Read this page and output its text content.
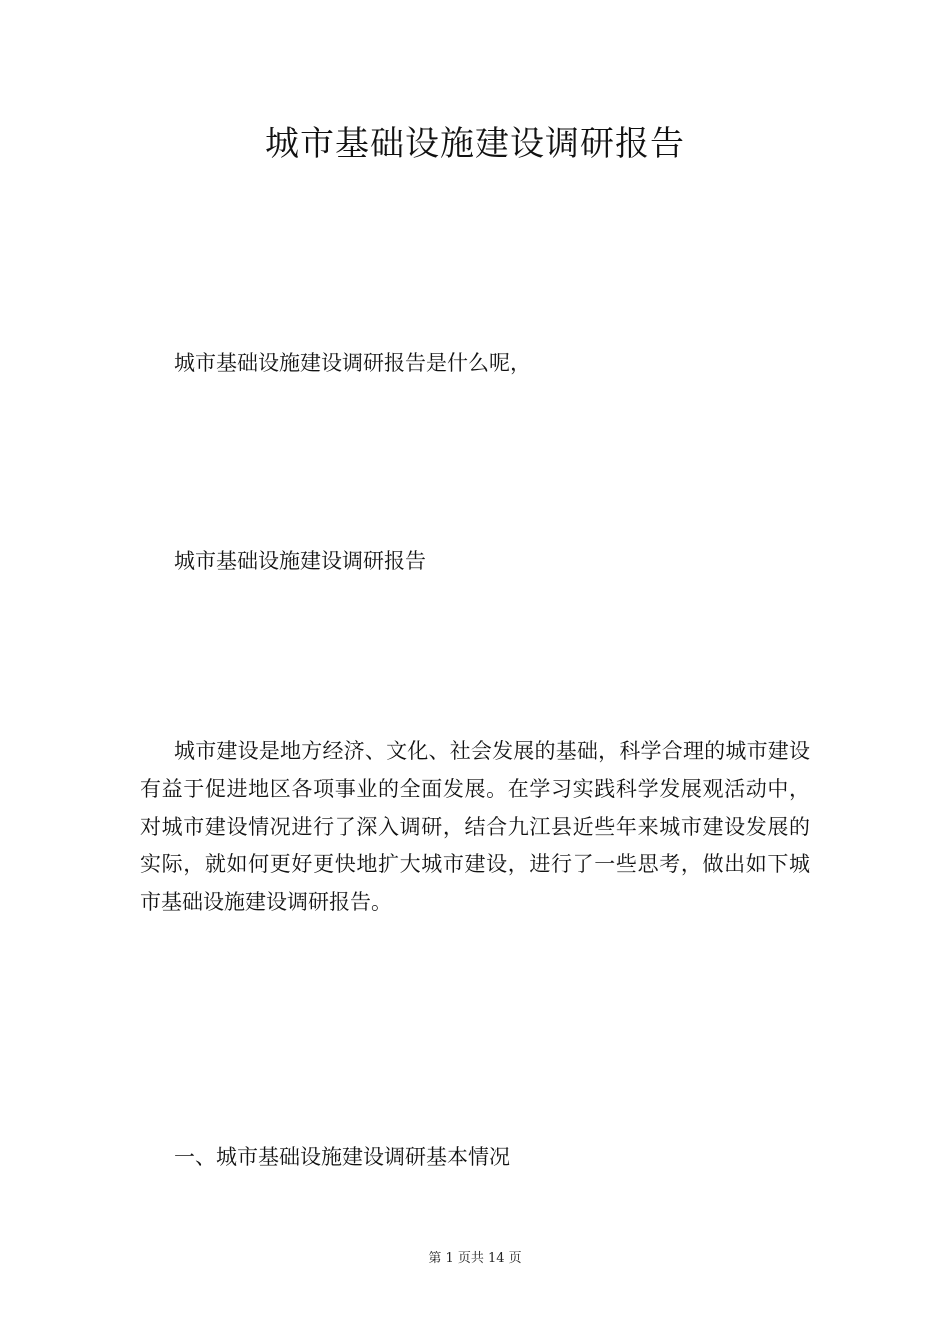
城市基础设施建设调研报告

城市基础设施建设调研报告是什么呢，

城市基础设施建设调研报告

城市建设是地方经济、文化、社会发展的基础，科学合理的城市建设有益于促进地区各项事业的全面发展。在学习实践科学发展观活动中，对城市建设情况进行了深入调研，结合九江县近些年来城市建设发展的实际，就如何更好更快地扩大城市建设，进行了一些思考，做出如下城市基础设施建设调研报告。

一、城市基础设施建设调研基本情况

第 1 页共 14 页
